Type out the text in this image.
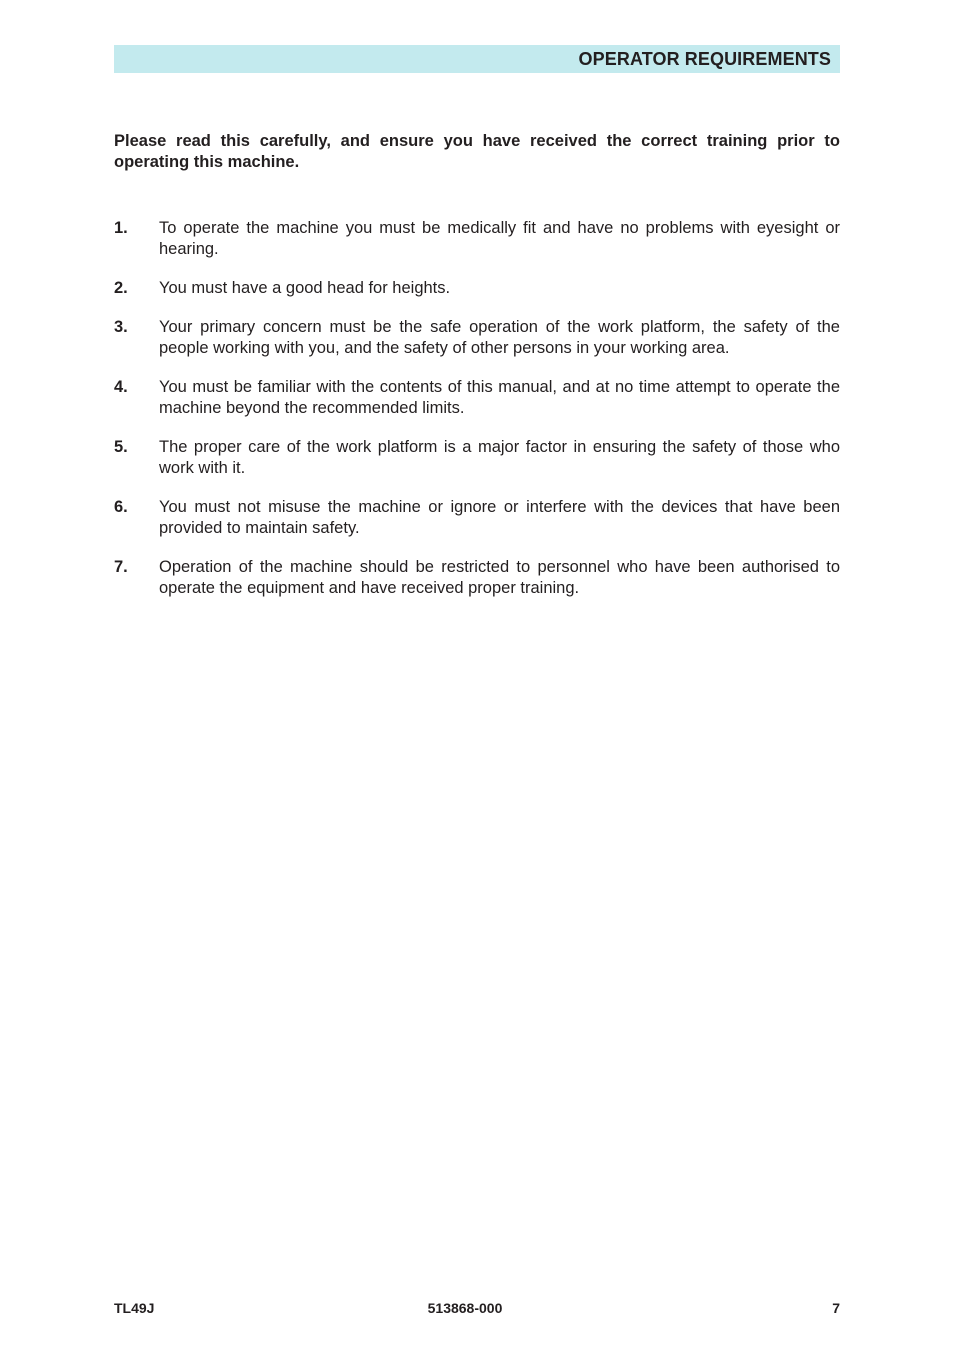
OPERATOR REQUIREMENTS

Please read this carefully, and ensure you have received the correct training prior to operating this machine.

1. To operate the machine you must be medically fit and have no problems with eyesight or hearing.
2. You must have a good head for heights.
3. Your primary concern must be the safe operation of the work platform, the safety of the people working with you, and the safety of other persons in your working area.
4. You must be familiar with the contents of this manual, and at no time attempt to operate the machine beyond the recommended limits.
5. The proper care of the work platform is a major factor in ensuring the safety of those who work with it.
6. You must not misuse the machine or ignore or interfere with the devices that have been provided to maintain safety.
7. Operation of the machine should be restricted to personnel who have been authorised to operate the equipment and have received proper training.
TL49J	513868-000	7
